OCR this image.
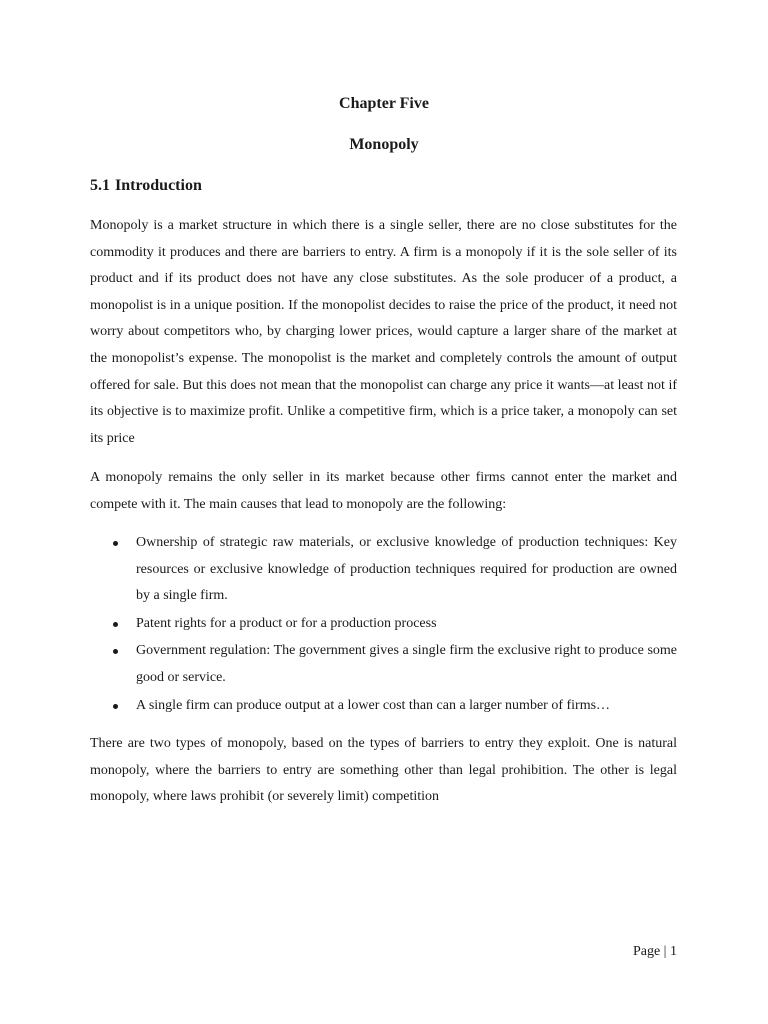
Chapter Five
Monopoly
5.1 Introduction

Monopoly is a market structure in which there is a single seller, there are no close substitutes for the commodity it produces and there are barriers to entry. A firm is a monopoly if it is the sole seller of its product and if its product does not have any close substitutes. As the sole producer of a product, a monopolist is in a unique position. If the monopolist decides to raise the price of the product, it need not worry about competitors who, by charging lower prices, would capture a larger share of the market at the monopolist’s expense. The monopolist is the market and completely controls the amount of output offered for sale. But this does not mean that the monopolist can charge any price it wants—at least not if its objective is to maximize profit. Unlike a competitive firm, which is a price taker, a monopoly can set its price

A monopoly remains the only seller in its market because other firms cannot enter the market and compete with it. The main causes that lead to monopoly are the following:

Ownership of strategic raw materials, or exclusive knowledge of production techniques: Key resources or exclusive knowledge of production techniques required for production are owned by a single firm.
Patent rights for a product or for a production process
Government regulation: The government gives a single firm the exclusive right to produce some good or service.
A single firm can produce output at a lower cost than can a larger number of firms…

There are two types of monopoly, based on the types of barriers to entry they exploit. One is natural monopoly, where the barriers to entry are something other than legal prohibition. The other is legal monopoly, where laws prohibit (or severely limit) competition

Page | 1
